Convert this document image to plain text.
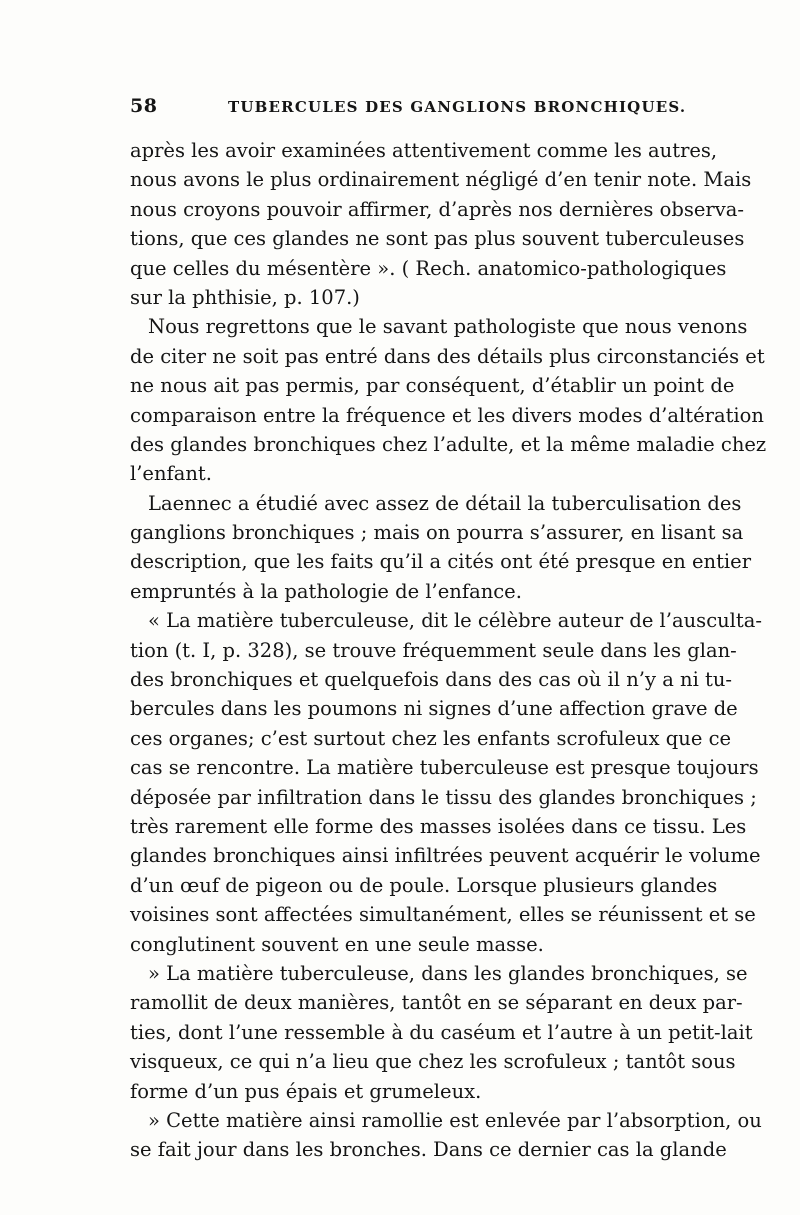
58	TUBERCULES DES GANGLIONS BRONCHIQUES.
après les avoir examinées attentivement comme les autres,
nous avons le plus ordinairement négligé d’en tenir note. Mais
nous croyons pouvoir affirmer, d’après nos dernières observa-
tions, que ces glandes ne sont pas plus souvent tuberculeuses
que celles du mésentère ». ( Rech. anatomico-pathologiques
sur la phthisie, p. 107.)
Nous regrettons que le savant pathologiste que nous venons
de citer ne soit pas entré dans des détails plus circonstanciés et
ne nous ait pas permis, par conséquent, d’établir un point de
comparaison entre la fréquence et les divers modes d’altération
des glandes bronchiques chez l’adulte, et la même maladie chez
l’enfant.
Laennec a étudié avec assez de détail la tuberculisation des
ganglions bronchiques ; mais on pourra s’assurer, en lisant sa
description, que les faits qu’il a cités ont été presque en entier
empruntés à la pathologie de l’enfance.
« La matière tuberculeuse, dit le célèbre auteur de l’ausculta-
tion (t. I, p. 328), se trouve fréquemment seule dans les glan-
des bronchiques et quelquefois dans des cas où il n’y a ni tu-
bercules dans les poumons ni signes d’une affection grave de
ces organes; c’est surtout chez les enfants scrofuleux que ce
cas se rencontre. La matière tuberculeuse est presque toujours
déposée par infiltration dans le tissu des glandes bronchiques ;
très rarement elle forme des masses isolées dans ce tissu. Les
glandes bronchiques ainsi infiltrées peuvent acquérir le volume
d’un œuf de pigeon ou de poule. Lorsque plusieurs glandes
voisines sont affectées simultanément, elles se réunissent et se
conglutinent souvent en une seule masse.
» La matière tuberculeuse, dans les glandes bronchiques, se
ramollit de deux manières, tantôt en se séparant en deux par-
ties, dont l’une ressemble à du caséum et l’autre à un petit-lait
visqueux, ce qui n’a lieu que chez les scrofuleux ; tantôt sous
forme d’un pus épais et grumeleux.
» Cette matière ainsi ramollie est enlevée par l’absorption, ou
se fait jour dans les bronches. Dans ce dernier cas la glande
